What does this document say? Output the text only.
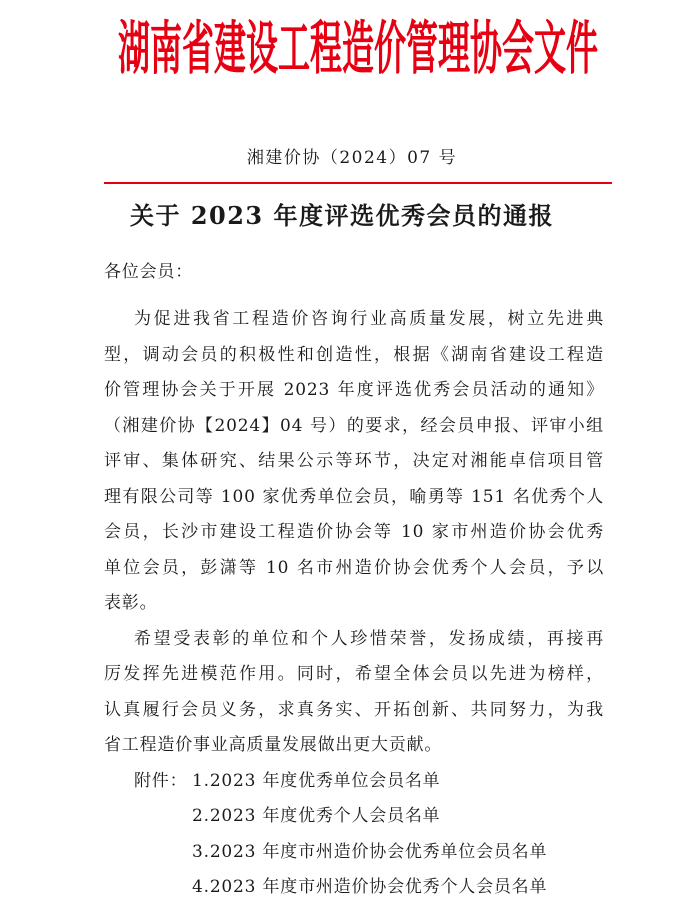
湖南省建设工程造价管理协会文件
湘建价协（2024）07 号
关于 2023 年度评选优秀会员的通报
各位会员：
为促进我省工程造价咨询行业高质量发展，树立先进典
型，调动会员的积极性和创造性，根据《湖南省建设工程造
价管理协会关于开展 2023 年度评选优秀会员活动的通知》
（湘建价协【2024】04 号）的要求，经会员申报、评审小组
评审、集体研究、结果公示等环节，决定对湘能卓信项目管
理有限公司等 100 家优秀单位会员，喻勇等 151 名优秀个人
会员，长沙市建设工程造价协会等 10 家市州造价协会优秀
单位会员，彭潇等 10 名市州造价协会优秀个人会员，予以
表彰。
希望受表彰的单位和个人珍惜荣誉，发扬成绩，再接再
厉发挥先进模范作用。同时，希望全体会员以先进为榜样，
认真履行会员义务，求真务实、开拓创新、共同努力，为我
省工程造价事业高质量发展做出更大贡献。
附件： 1.2023 年度优秀单位会员名单
2.2023 年度优秀个人会员名单
3.2023 年度市州造价协会优秀单位会员名单
4.2023 年度市州造价协会优秀个人会员名单
